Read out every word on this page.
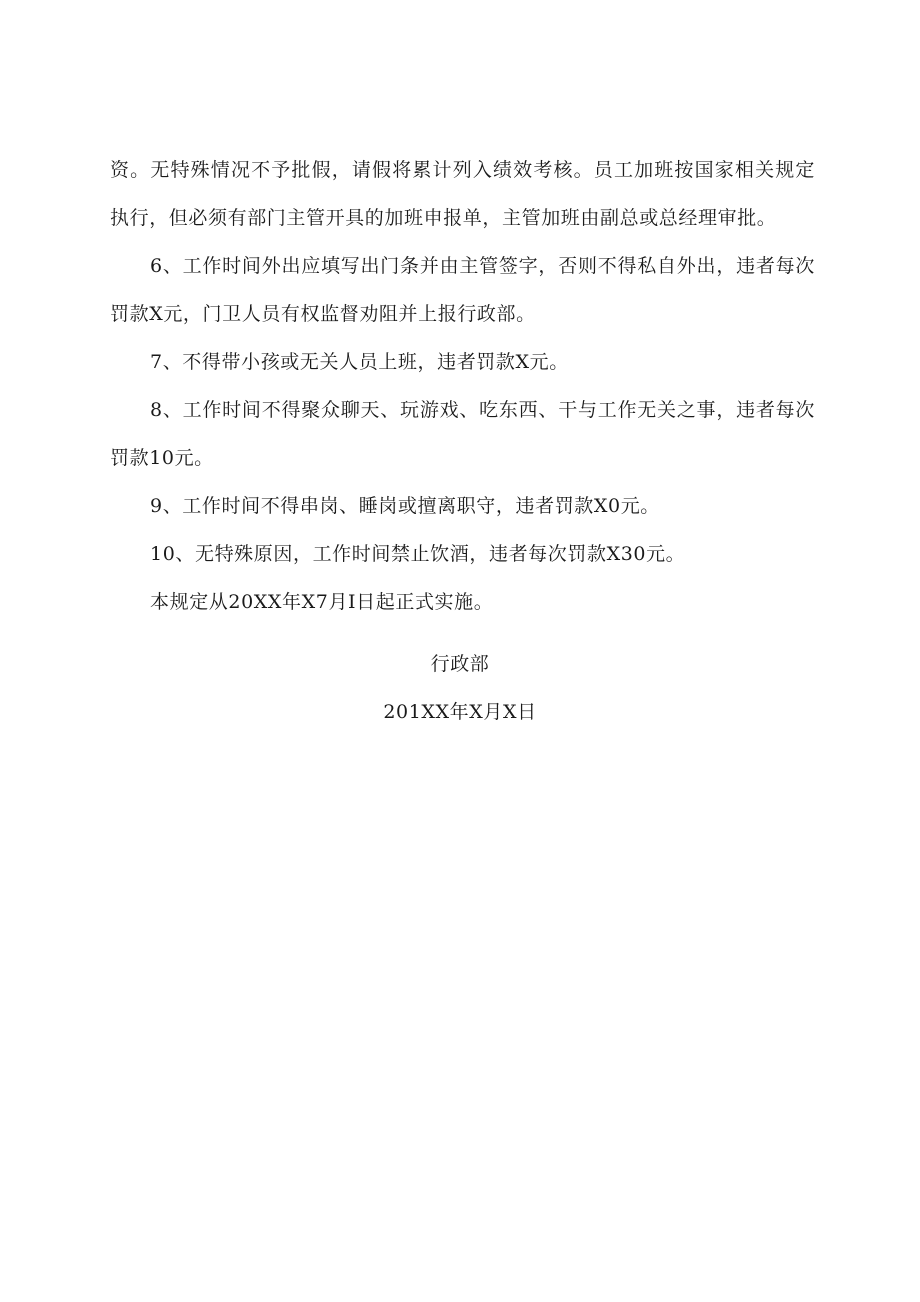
资。无特殊情况不予批假，请假将累计列入绩效考核。员工加班按国家相关规定执行，但必须有部门主管开具的加班申报单，主管加班由副总或总经理审批。

6、工作时间外出应填写出门条并由主管签字，否则不得私自外出，违者每次罚款X元，门卫人员有权监督劝阻并上报行政部。

7、不得带小孩或无关人员上班，违者罚款X元。

8、工作时间不得聚众聊天、玩游戏、吃东西、干与工作无关之事，违者每次罚款10元。

9、工作时间不得串岗、睡岗或擅离职守，违者罚款X0元。

10、无特殊原因，工作时间禁止饮酒，违者每次罚款X30元。

本规定从20XX年X7月I日起正式实施。

行政部

201XX年X月X日
